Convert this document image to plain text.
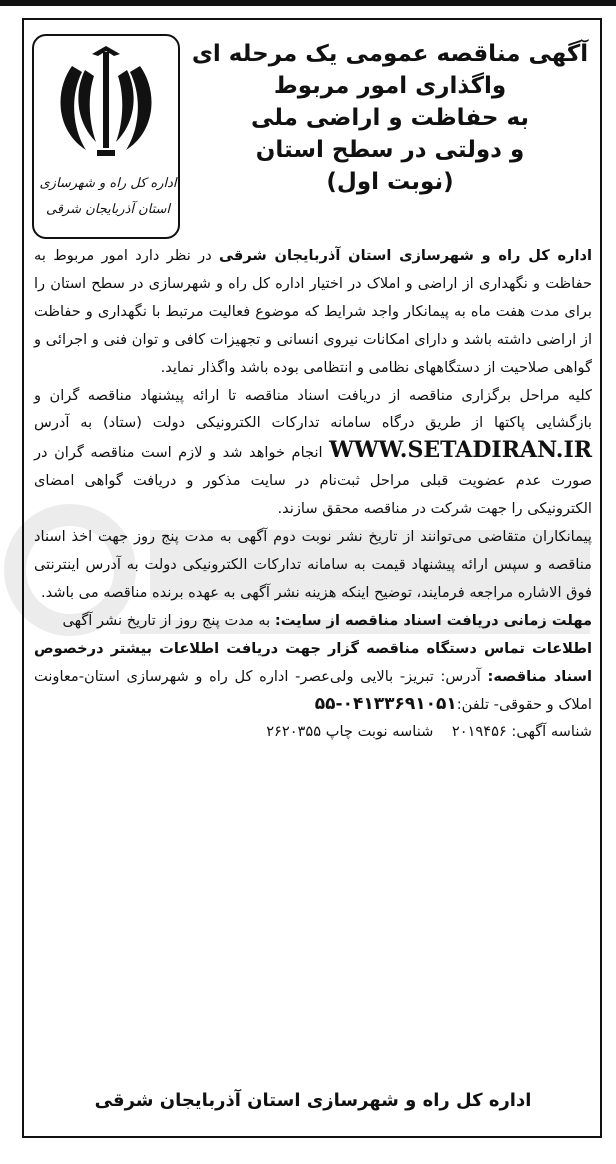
اداره کل راه و شهرسازی
استان آذربایجان شرقی
آگهی مناقصه عمومی یک مرحله ای
واگذاری امور مربوط
به حفاظت و اراضی ملی
و دولتی در سطح استان
(نوبت اول)

اداره کل راه و شهرسازی استان آذربایجان شرقی در نظر دارد امور مربوط به حفاظت و نگهداری از اراضی و املاک در اختیار اداره کل راه و شهرسازی در سطح استان را برای مدت هفت ماه به پیمانکار واجد شرایط که موضوع فعالیت مرتبط با نگهداری و حفاظت از اراضی داشته باشد و دارای امکانات نیروی انسانی و تجهیزات کافی و توان فنی و اجرائی و گواهی صلاحیت از دستگاههای نظامی و انتظامی بوده باشد واگذار نماید.

کلیه مراحل برگزاری مناقصه از دریافت اسناد مناقصه تا ارائه پیشنهاد مناقصه گران و بازگشایی پاکتها از طریق درگاه سامانه تدارکات الکترونیکی دولت (ستاد) به آدرس WWW.SETADIRAN.IR انجام خواهد شد و لازم است مناقصه گران در صورت عدم عضویت قبلی مراحل ثبت‌نام در سایت مذکور و دریافت گواهی امضای الکترونیکی را جهت شرکت در مناقصه محقق سازند.

پیمانکاران متقاضی می‌توانند از تاریخ نشر نوبت دوم آگهی به مدت پنج روز جهت اخذ اسناد مناقصه و سپس ارائه پیشنهاد قیمت به سامانه تدارکات الکترونیکی دولت به آدرس اینترنتی فوق الاشاره مراجعه فرمایند، توضیح اینکه هزینه نشر آگهی به عهده برنده مناقصه می باشد.

مهلت زمانی دریافت اسناد مناقصه از سایت: به مدت پنج روز از تاریخ نشر آگهی

اطلاعات تماس دستگاه مناقصه گزار جهت دریافت اطلاعات بیشتر درخصوص اسناد مناقصه: آدرس: تبریز- بالایی ولی‌عصر- اداره کل راه و شهرسازی استان-معاونت املاک و حقوقی- تلفن:۰۴۱۳۳۶۹۱۰۵۱-۵۵

شناسه آگهی: ۲۰۱۹۴۵۶    شناسه نوبت چاپ ۲۶۲۰۳۵۵

اداره کل راه و شهرسازی استان آذربایجان شرقی
